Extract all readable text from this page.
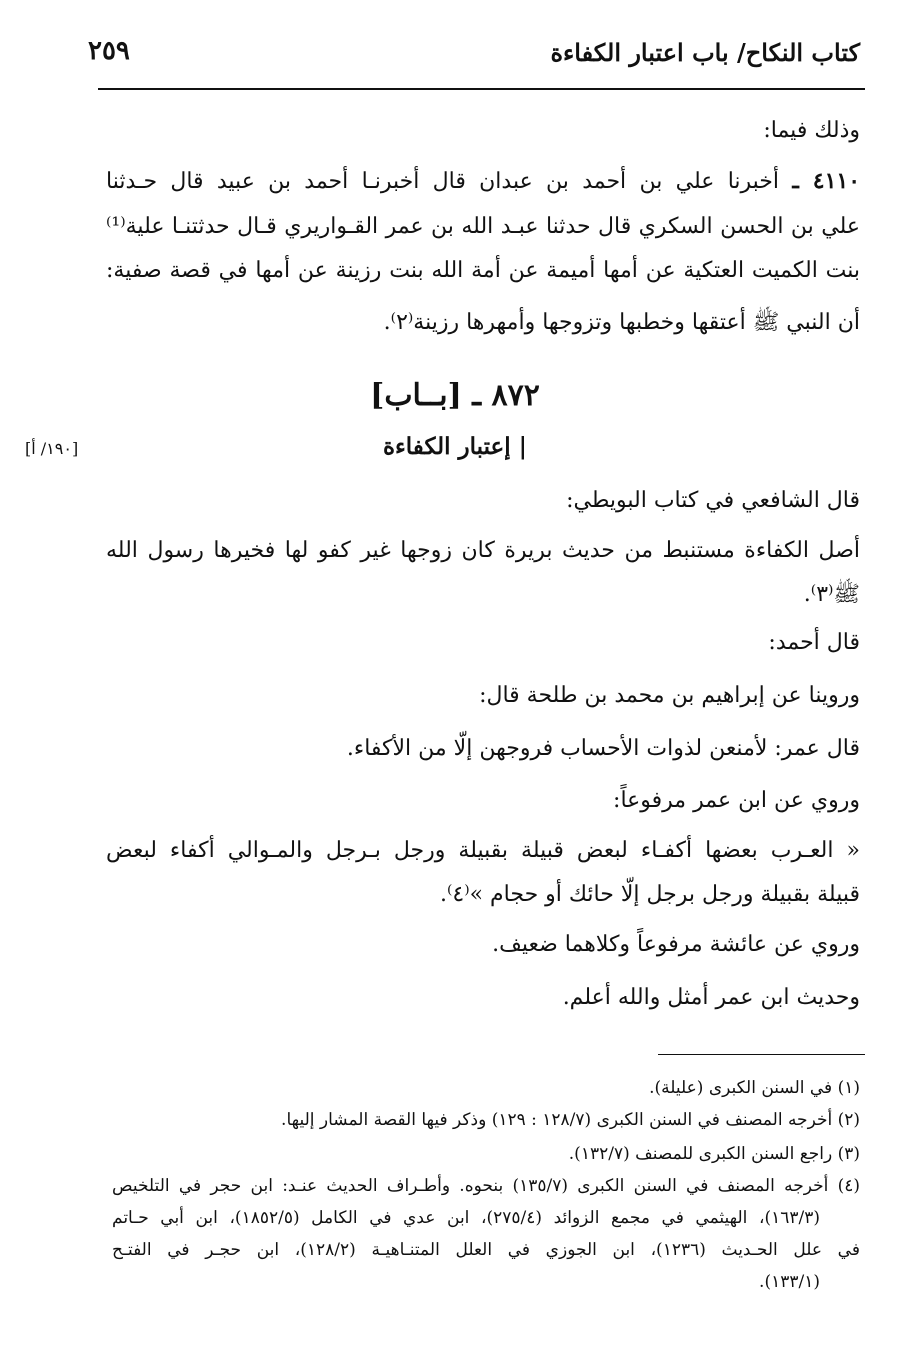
كتاب النكاح/ باب اعتبار الكفاءة
٢٥٩

وذلك فيما:

٤١١٠ ـ أخبرنا علي بن أحمد بن عبدان قال أخبرنـا أحمد بن عبيد قال حـدثنا

علي بن الحسن السكري قال حدثنا عبـد الله بن عمر القـواريري قـال حدثتنـا علية⁽¹⁾

بنت الكميت العتكية عن أمها أميمة عن أمة الله بنت رزينة عن أمها في قصة صفية:

أن النبي ﷺ أعتقها وخطبها وتزوجها وأمهرها رزينة⁽٢⁾.

٨٧٢ ـ [بــاب]
| إعتبار الكفاءة
[١٩٠/ أ]

قال الشافعي في كتاب البويطي:

أصل الكفاءة مستنبط من حديث بريرة كان زوجها غير كفو لها فخيرها رسول الله

ﷺ⁽٣⁾.

قال أحمد:

وروينا عن إبراهيم بن محمد بن طلحة قال:

قال عمر: لأمنعن لذوات الأحساب فروجهن إلّا من الأكفاء.

وروي عن ابن عمر مرفوعاً:

« العـرب بعضها أكفـاء لبعض قبيلة بقبيلة ورجل بـرجل والمـوالي أكفاء لبعض

قبيلة بقبيلة ورجل برجل إلّا حائك أو حجام »⁽٤⁾.

وروي عن عائشة مرفوعاً وكلاهما ضعيف.

وحديث ابن عمر أمثل والله أعلم.

(١) في السنن الكبرى (عليلة).

(٢) أخرجه المصنف في السنن الكبرى (١٢٨/٧ : ١٢٩) وذكر فيها القصة المشار إليها.

(٣) راجع السنن الكبرى للمصنف (١٣٢/٧).

(٤) أخرجه المصنف في السنن الكبرى (١٣٥/٧) بنحوه. وأطـراف الحديث عنـد: ابن حجر في التلخيص

(١٦٣/٣)، الهيثمي في مجمع الزوائد (٢٧٥/٤)، ابن عدي في الكامل (١٨٥٢/٥)، ابن أبي حـاتم

في علل الحـديث (١٢٣٦)، ابن الجوزي في العلل المتنـاهيـة (١٢٨/٢)، ابن حجـر في الفتـح

(١٣٣/١).
